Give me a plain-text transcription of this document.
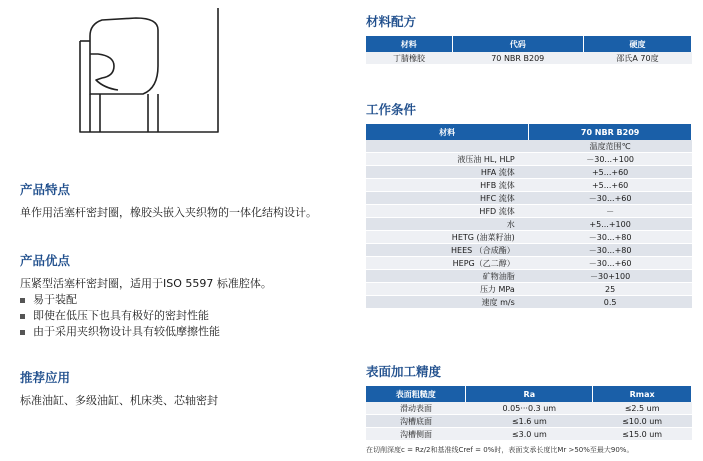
产品特点

单作用活塞杆密封圈，橡胶头嵌入夹织物的一体化结构设计。

产品优点

压紧型活塞杆密封圈，适用于ISO 5597 标准腔体。

易于装配
即使在低压下也具有极好的密封性能
由于采用夹织物设计具有较低摩擦性能

推荐应用

标准油缸、多级油缸、机床类、芯轴密封

材料配方

材料	代码	硬度
丁腈橡胶	70 NBR B209	邵氏A 70度

工作条件

材料	70 NBR B209
	温度范围℃
液压油 HL, HLP	－30...+100
HFA 流体	+5...+60
HFB 流体	+5...+60
HFC 流体	－30...+60
HFD 流体	－
水	+5...+100
HETG (油菜籽油)	－30...+80
HEES （合成酯）	－30...+80
HEPG（乙二醇）	－30...+60
矿物油脂	－30+100
压力 MPa	25
速度 m/s	0.5

表面加工精度

表面粗糙度	Ra	Rmax
滑动表面	0.05···0.3 um	≤2.5 um
沟槽底面	≤1.6 um	≤10.0 um
沟槽侧面	≤3.0 um	≤15.0 um
在切削深度c = Rz/2和基准线Cref = 0%时，表面支承长度比Mr >50%至最大90%。
